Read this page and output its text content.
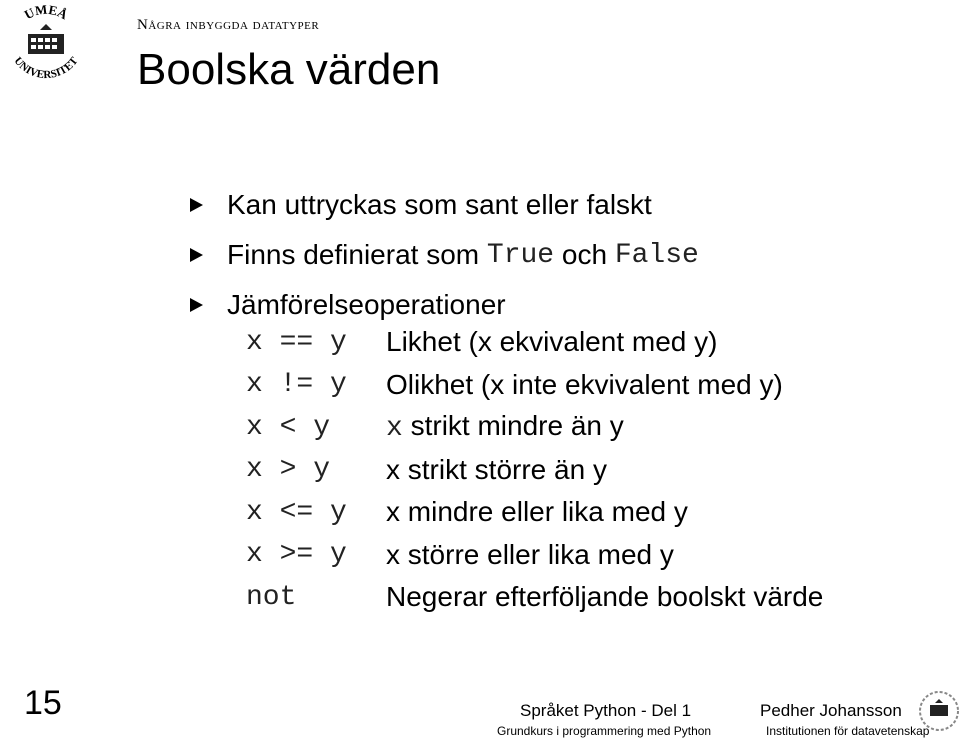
UMEÅ
UNIVERSITET
Några inbyggda datatyper
Boolska värden
Kan uttryckas som sant eller falskt
Finns definierat som True och False
Jämförelseoperationer
x == y	Likhet (x ekvivalent med y)
x != y	Olikhet (x inte ekvivalent med y)
x < y	x strikt mindre än y
x > y	x strikt större än y
x <= y	x mindre eller lika med y
x >= y	x större eller lika med y
not	Negerar efterföljande boolskt värde
15	Språket Python - Del 1	Pedher Johansson
Grundkurs i programmering med Python	Institutionen för datavetenskap
